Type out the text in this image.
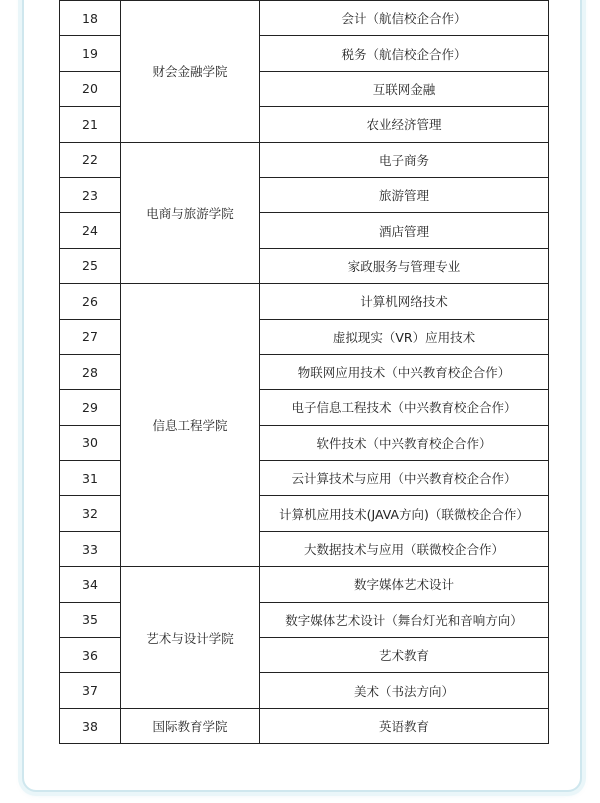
18	财会金融学院	会计（航信校企合作）
19		税务（航信校企合作）
20		互联网金融
21		农业经济管理
22	电商与旅游学院	电子商务
23		旅游管理
24		酒店管理
25		家政服务与管理专业
26	信息工程学院	计算机网络技术
27		虚拟现实（VR）应用技术
28		物联网应用技术（中兴教育校企合作）
29		电子信息工程技术（中兴教育校企合作）
30		软件技术（中兴教育校企合作）
31		云计算技术与应用（中兴教育校企合作）
32		计算机应用技术(JAVA方向)（联微校企合作）
33		大数据技术与应用（联微校企合作）
34	艺术与设计学院	数字媒体艺术设计
35		数字媒体艺术设计（舞台灯光和音响方向）
36		艺术教育
37		美术（书法方向）
38	国际教育学院	英语教育
